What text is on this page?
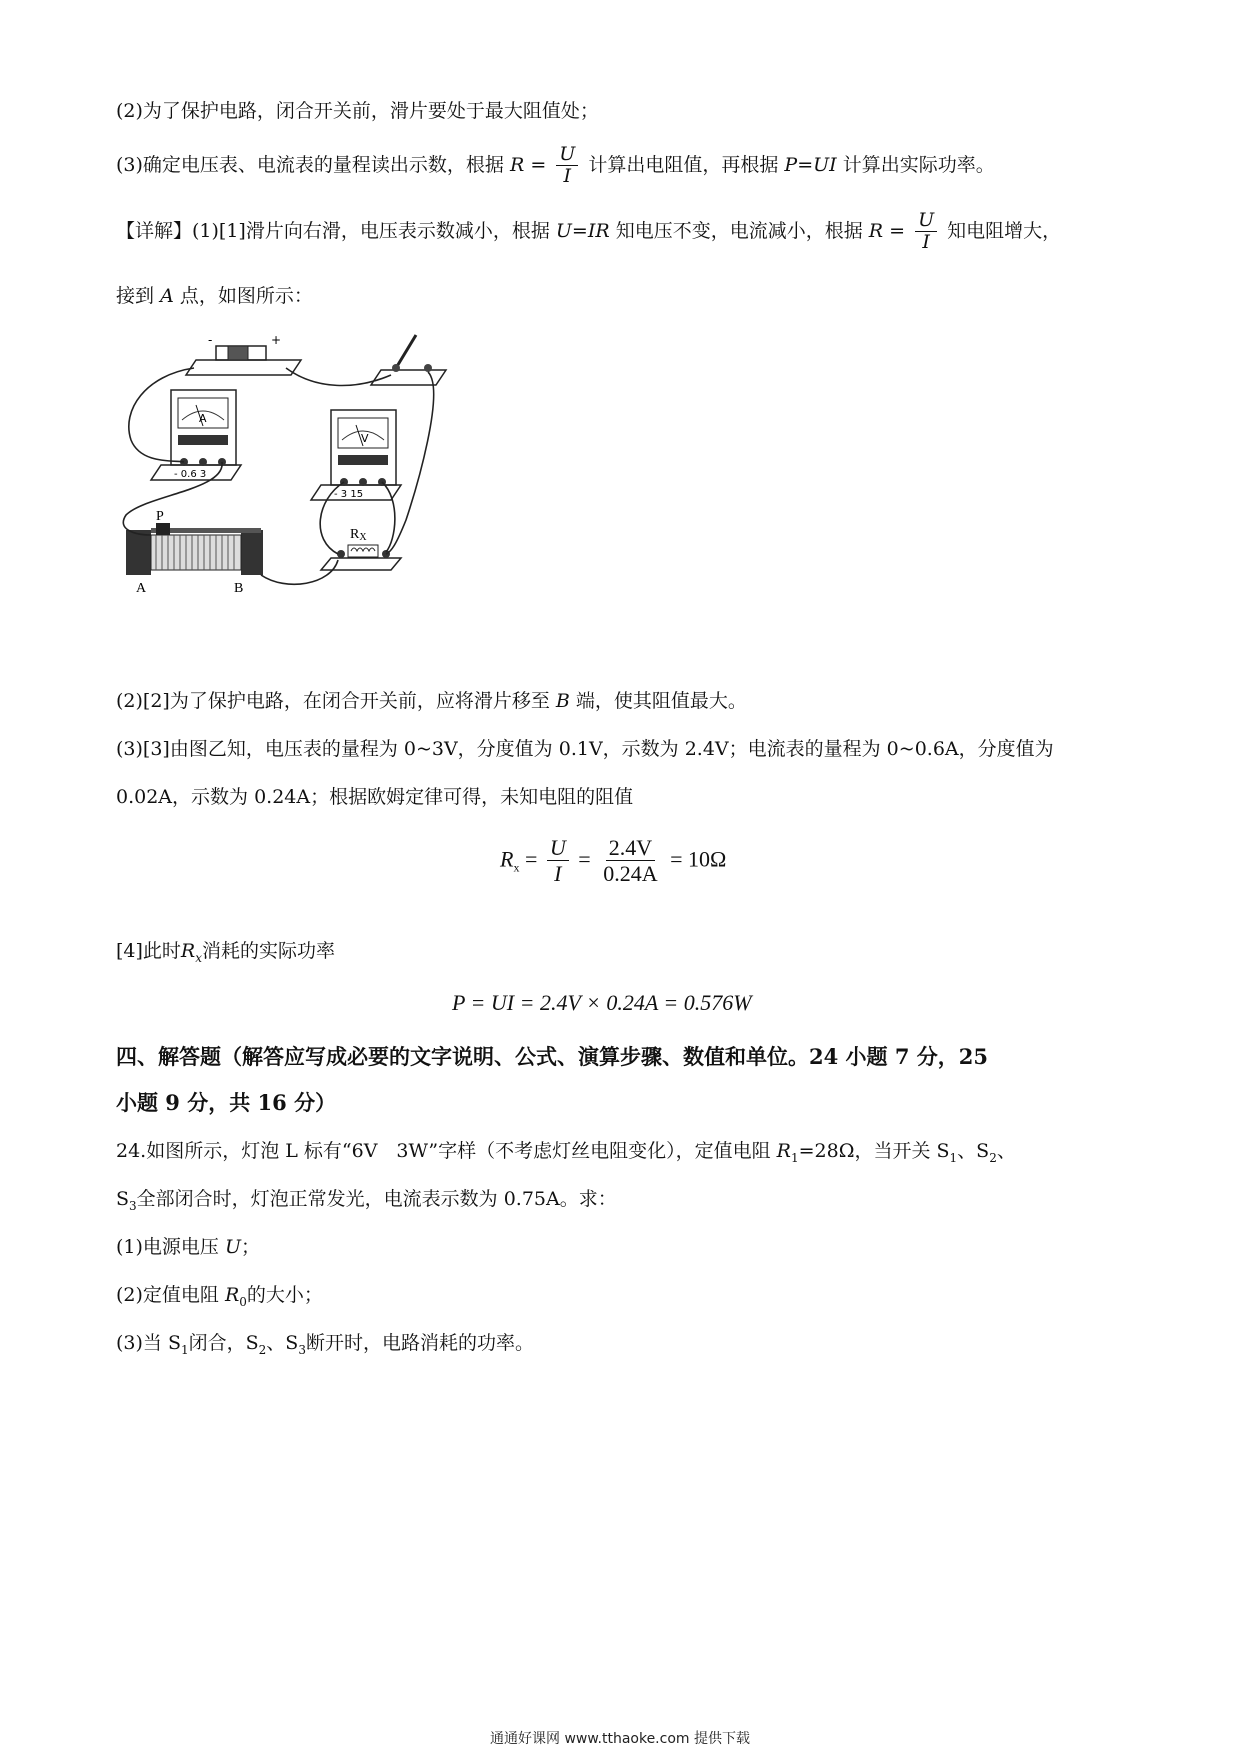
(2)为了保护电路，闭合开关前，滑片要处于最大阻值处；
(3)确定电压表、电流表的量程读出示数，根据 $R = \frac{U}{I}$ 计算出电阻值，再根据 P=UI 计算出实际功率。
【详解】(1)[1]滑片向右滑，电压表示数减小，根据 U=IR 知电压不变，电流减小，根据 $R = \frac{U}{I}$ 知电阻增大，
接到 A 点，如图所示：
-	+
A
- 0.6 3
V
- 3 15
P
A	B
RX
(2)[2]为了保护电路，在闭合开关前，应将滑片移至 B 端，使其阻值最大。
(3)[3]由图乙知，电压表的量程为 0~3V，分度值为 0.1V，示数为 2.4V；电流表的量程为 0~0.6A，分度值为
0.02A，示数为 0.24A；根据欧姆定律可得，未知电阻的阻值
$R_x = \frac{U}{I} = \frac{2.4V}{0.24A} = 10\Omega$
[4]此时$R_x$消耗的实际功率
P = UI = 2.4V × 0.24A = 0.576W
四、解答题（解答应写成必要的文字说明、公式、演算步骤、数值和单位。24 小题 7 分，25
小题 9 分，共 16 分）
24.如图所示，灯泡 L 标有“6V　3W”字样（不考虑灯丝电阻变化），定值电阻 $R_1=28\Omega$，当开关 $S_1$、$S_2$、
$S_3$全部闭合时，灯泡正常发光，电流表示数为 0.75A。求：
(1)电源电压 U；
(2)定值电阻 $R_0$的大小；
(3)当 $S_1$闭合，$S_2$、$S_3$断开时，电路消耗的功率。
通通好课网 www.tthaoke.com 提供下载
